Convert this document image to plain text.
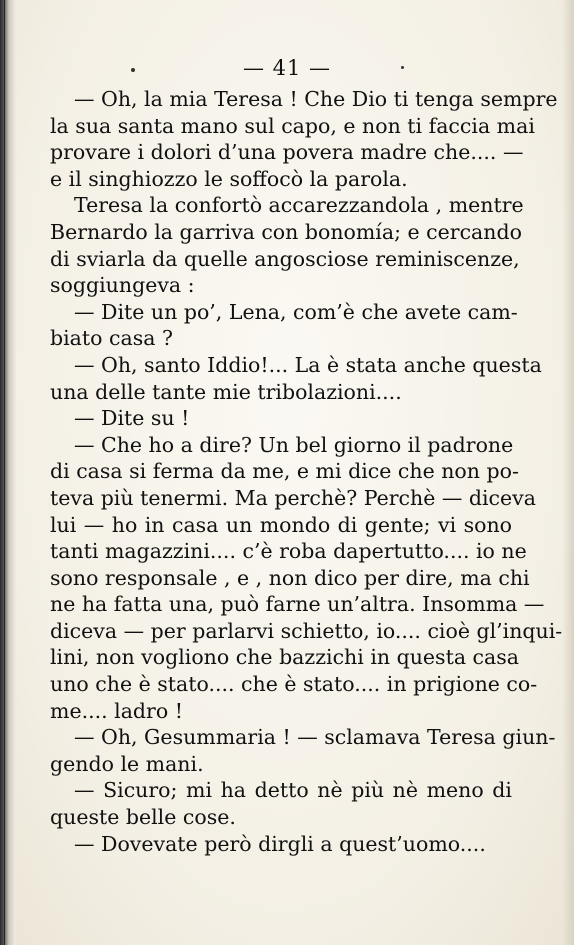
— 41 —
— Oh, la mia Teresa ! Che Dio ti tenga sempre
la sua santa mano sul capo, e non ti faccia mai
provare i dolori d’una povera madre che.... —
e il singhiozzo le soffocò la parola.
Teresa la confortò accarezzandola , mentre
Bernardo la garriva con bonomía; e cercando
di sviarla da quelle angosciose reminiscenze,
soggiungeva :
— Dite un po’, Lena, com’è che avete cam-
biato casa ?
— Oh, santo Iddio!... La è stata anche questa
una delle tante mie tribolazioni....
— Dite su !
— Che ho a dire? Un bel giorno il padrone
di casa si ferma da me, e mi dice che non po-
teva più tenermi. Ma perchè? Perchè — diceva
lui — ho in casa un mondo di gente; vi sono
tanti magazzini.... c’è roba dapertutto.... io ne
sono responsale , e , non dico per dire, ma chi
ne ha fatta una, può farne un’altra. Insomma —
diceva — per parlarvi schietto, io.... cioè gl’inqui-
lini, non vogliono che bazzichi in questa casa
uno che è stato.... che è stato.... in prigione co-
me.... ladro !
— Oh, Gesummaria ! — sclamava Teresa giun-
gendo le mani.
— Sicuro; mi ha detto nè più nè meno di
queste belle cose.
— Dovevate però dirgli a quest’uomo....
